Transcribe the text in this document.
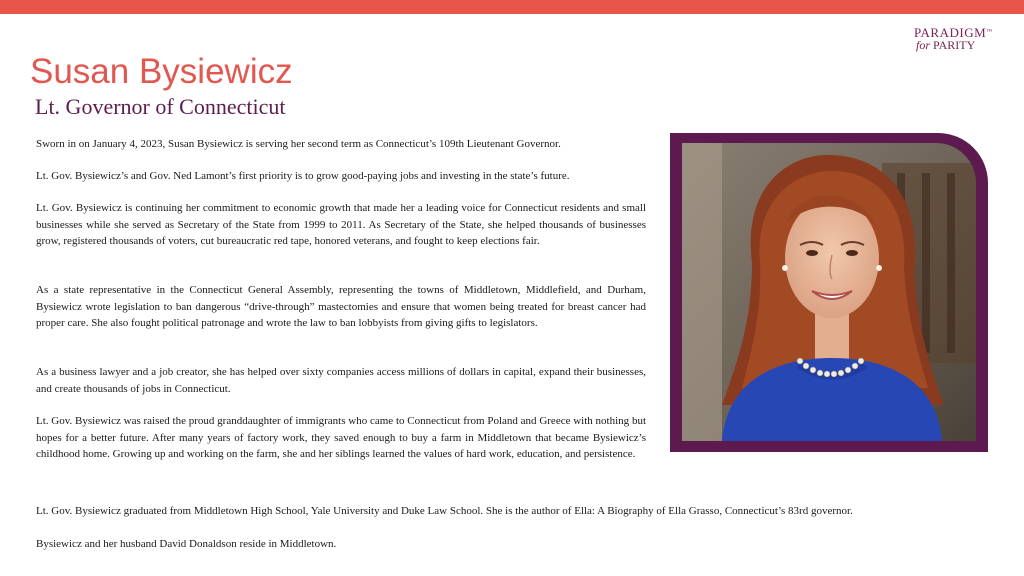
PARADIGM™
for PARITY
Susan Bysiewicz
Lt. Governor of Connecticut

Sworn in on January 4, 2023, Susan Bysiewicz is serving her second term as Connecticut’s 109th Lieutenant Governor.

Lt. Gov. Bysiewicz’s and Gov. Ned Lamont’s first priority is to grow good-paying jobs and investing in the state’s future.

Lt. Gov. Bysiewicz is continuing her commitment to economic growth that made her a leading voice for Connecticut residents and small businesses while she served as Secretary of the State from 1999 to 2011. As Secretary of the State, she helped thousands of businesses grow, registered thousands of voters, cut bureaucratic red tape, honored veterans, and fought to keep elections fair.

As a state representative in the Connecticut General Assembly, representing the towns of Middletown, Middlefield, and Durham, Bysiewicz wrote legislation to ban dangerous “drive-through” mastectomies and ensure that women being treated for breast cancer had proper care. She also fought political patronage and wrote the law to ban lobbyists from giving gifts to legislators.

As a business lawyer and a job creator, she has helped over sixty companies access millions of dollars in capital, expand their businesses, and create thousands of jobs in Connecticut.

Lt. Gov. Bysiewicz was raised the proud granddaughter of immigrants who came to Connecticut from Poland and Greece with nothing but hopes for a better future. After many years of factory work, they saved enough to buy a farm in Middletown that became Bysiewicz’s childhood home. Growing up and working on the farm, she and her siblings learned the values of hard work, education, and persistence.

Lt. Gov. Bysiewicz graduated from Middletown High School, Yale University and Duke Law School. She is the author of Ella: A Biography of Ella Grasso, Connecticut’s 83rd governor.

Bysiewicz and her husband David Donaldson reside in Middletown.
